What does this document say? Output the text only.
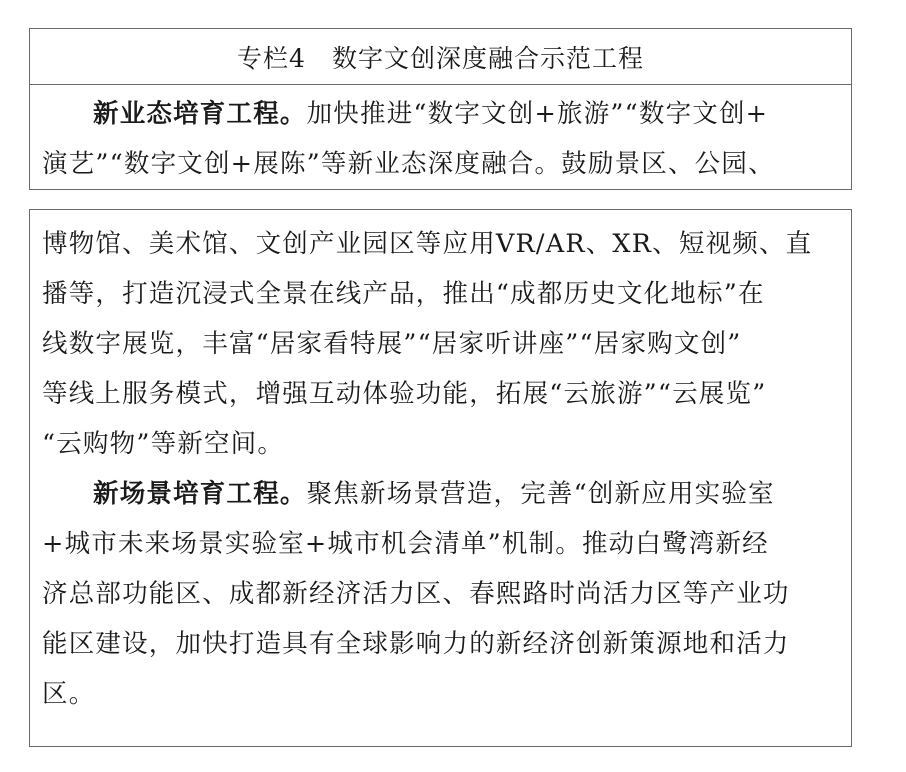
专栏4 数字文创深度融合示范工程
新业态培育工程。加快推进“数字文创+旅游”“数字文创+
演艺”“数字文创+展陈”等新业态深度融合。鼓励景区、公园、
博物馆、美术馆、文创产业园区等应用VR/AR、XR、短视频、直
播等，打造沉浸式全景在线产品，推出“成都历史文化地标”在
线数字展览，丰富“居家看特展”“居家听讲座”“居家购文创”
等线上服务模式，增强互动体验功能，拓展“云旅游”“云展览”
“云购物”等新空间。
新场景培育工程。聚焦新场景营造，完善“创新应用实验室
+城市未来场景实验室+城市机会清单”机制。推动白鹭湾新经
济总部功能区、成都新经济活力区、春熙路时尚活力区等产业功
能区建设，加快打造具有全球影响力的新经济创新策源地和活力
区。
